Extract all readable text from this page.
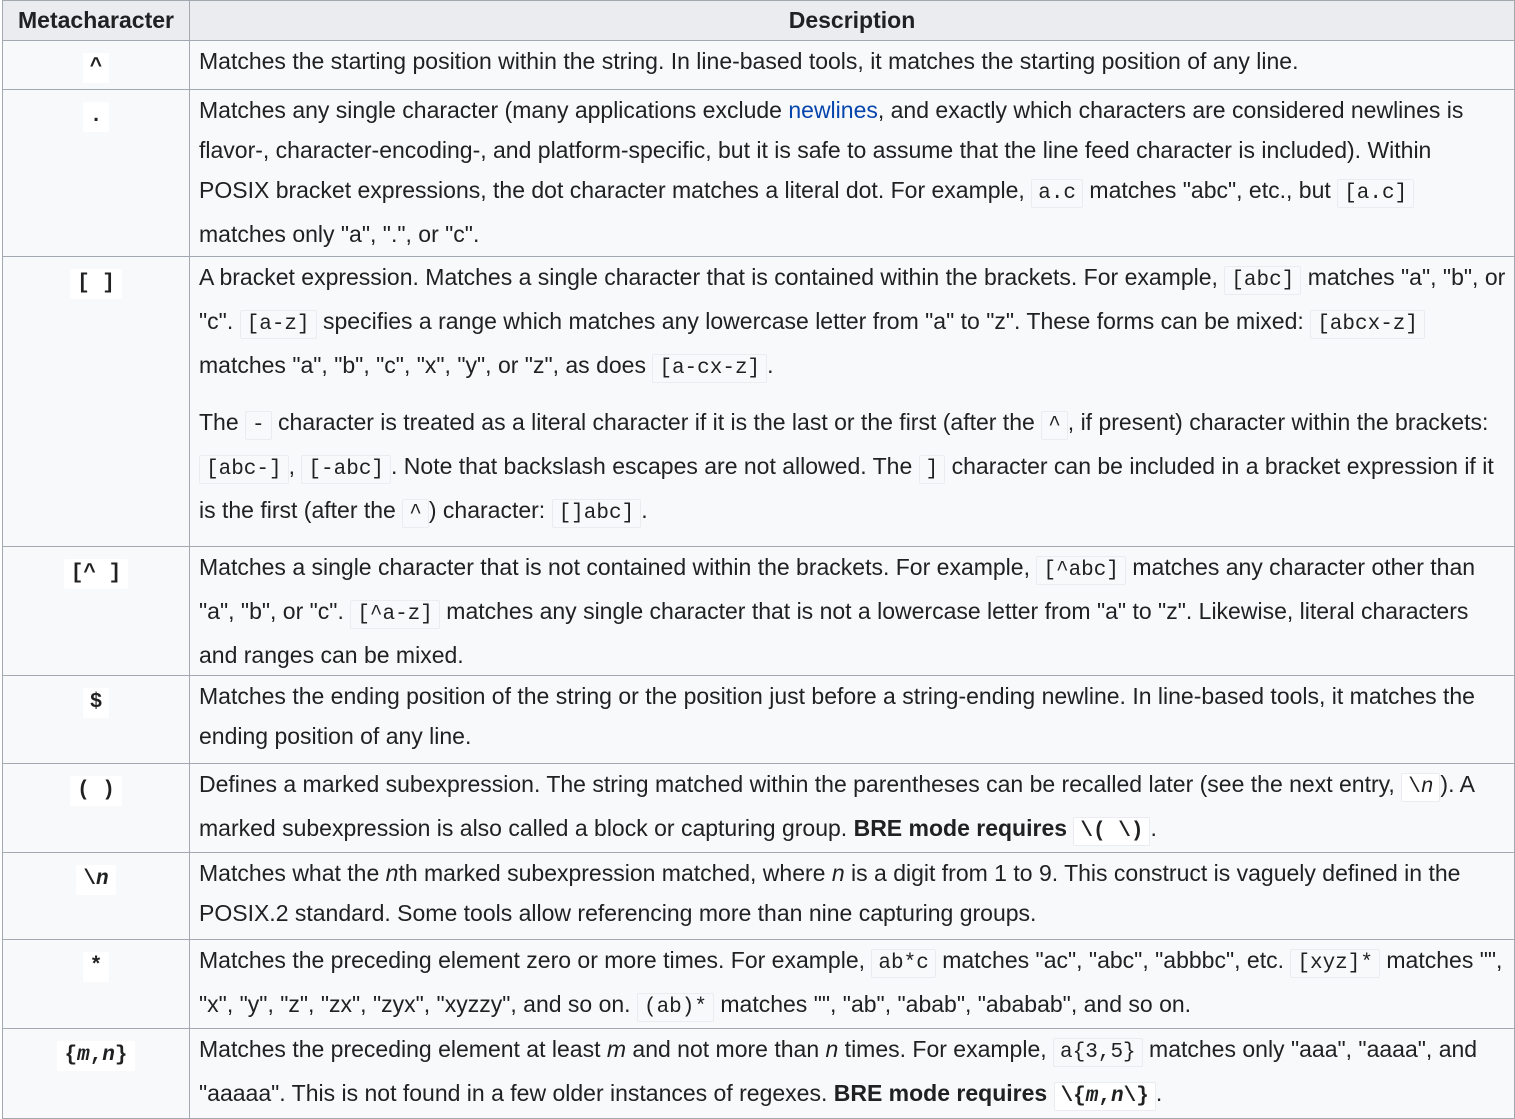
Metacharacter	Description
^	Matches the starting position within the string. In line-based tools, it matches the starting position of any line.
.	Matches any single character (many applications exclude newlines, and exactly which characters are considered newlines is flavor-, character-encoding-, and platform-specific, but it is safe to assume that the line feed character is included). Within POSIX bracket expressions, the dot character matches a literal dot. For example, a.c matches "abc", etc., but [a.c] matches only "a", ".", or "c".
[ ]	A bracket expression. Matches a single character that is contained within the brackets. For example, [abc] matches "a", "b", or "c". [a-z] specifies a range which matches any lowercase letter from "a" to "z". These forms can be mixed: [abcx-z] matches "a", "b", "c", "x", "y", or "z", as does [a-cx-z] .

The - character is treated as a literal character if it is the last or the first (after the ^ , if present) character within the brackets: [abc-] , [-abc] . Note that backslash escapes are not allowed. The ] character can be included in a bracket expression if it is the first (after the ^ ) character: []abc] .

[^ ]	Matches a single character that is not contained within the brackets. For example, [^abc] matches any character other than "a", "b", or "c". [^a-z] matches any single character that is not a lowercase letter from "a" to "z". Likewise, literal characters and ranges can be mixed.
$	Matches the ending position of the string or the position just before a string-ending newline. In line-based tools, it matches the ending position of any line.
( )	Defines a marked subexpression. The string matched within the parentheses can be recalled later (see the next entry, \n ). A marked subexpression is also called a block or capturing group. BRE mode requires \( \) .
\n	Matches what the nth marked subexpression matched, where n is a digit from 1 to 9. This construct is vaguely defined in the POSIX.2 standard. Some tools allow referencing more than nine capturing groups.
*	Matches the preceding element zero or more times. For example, ab*c matches "ac", "abc", "abbbc", etc. [xyz]* matches "", "x", "y", "z", "zx", "zyx", "xyzzy", and so on. (ab)* matches "", "ab", "abab", "ababab", and so on.
{m,n}	Matches the preceding element at least m and not more than n times. For example, a{3,5} matches only "aaa", "aaaa", and "aaaaa". This is not found in a few older instances of regexes. BRE mode requires \{m,n\} .
